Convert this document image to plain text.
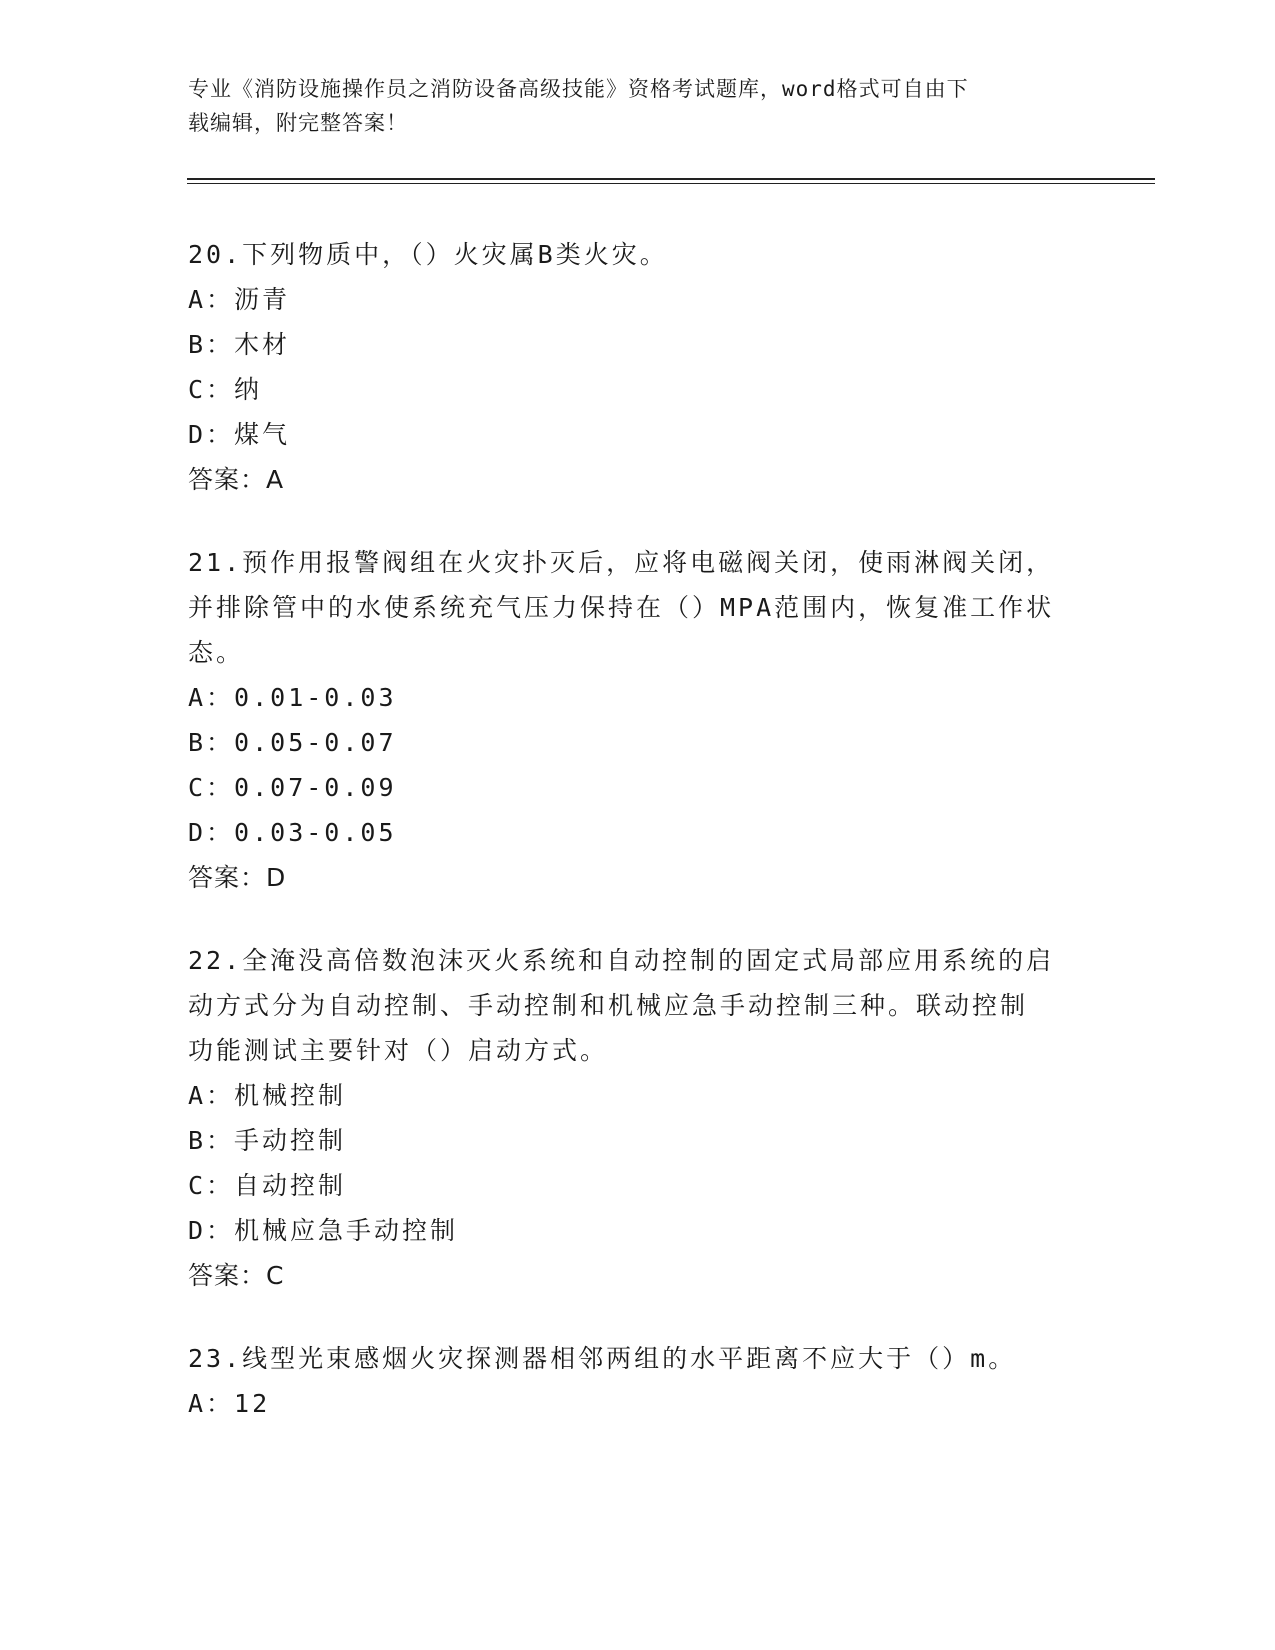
专业《消防设施操作员之消防设备高级技能》资格考试题库，word格式可自由下
载编辑，附完整答案！
20.下列物质中，（）火灾属B类火灾。
A：沥青
B：木材
C：纳
D：煤气
答案：A
21.预作用报警阀组在火灾扑灭后，应将电磁阀关闭，使雨淋阀关闭，
并排除管中的水使系统充气压力保持在（）MPA范围内，恢复准工作状
态。
A：0.01-0.03
B：0.05-0.07
C：0.07-0.09
D：0.03-0.05
答案：D
22.全淹没高倍数泡沫灭火系统和自动控制的固定式局部应用系统的启
动方式分为自动控制、手动控制和机械应急手动控制三种。联动控制
功能测试主要针对（）启动方式。
A：机械控制
B：手动控制
C：自动控制
D：机械应急手动控制
答案：C
23.线型光束感烟火灾探测器相邻两组的水平距离不应大于（）m。
A：12
